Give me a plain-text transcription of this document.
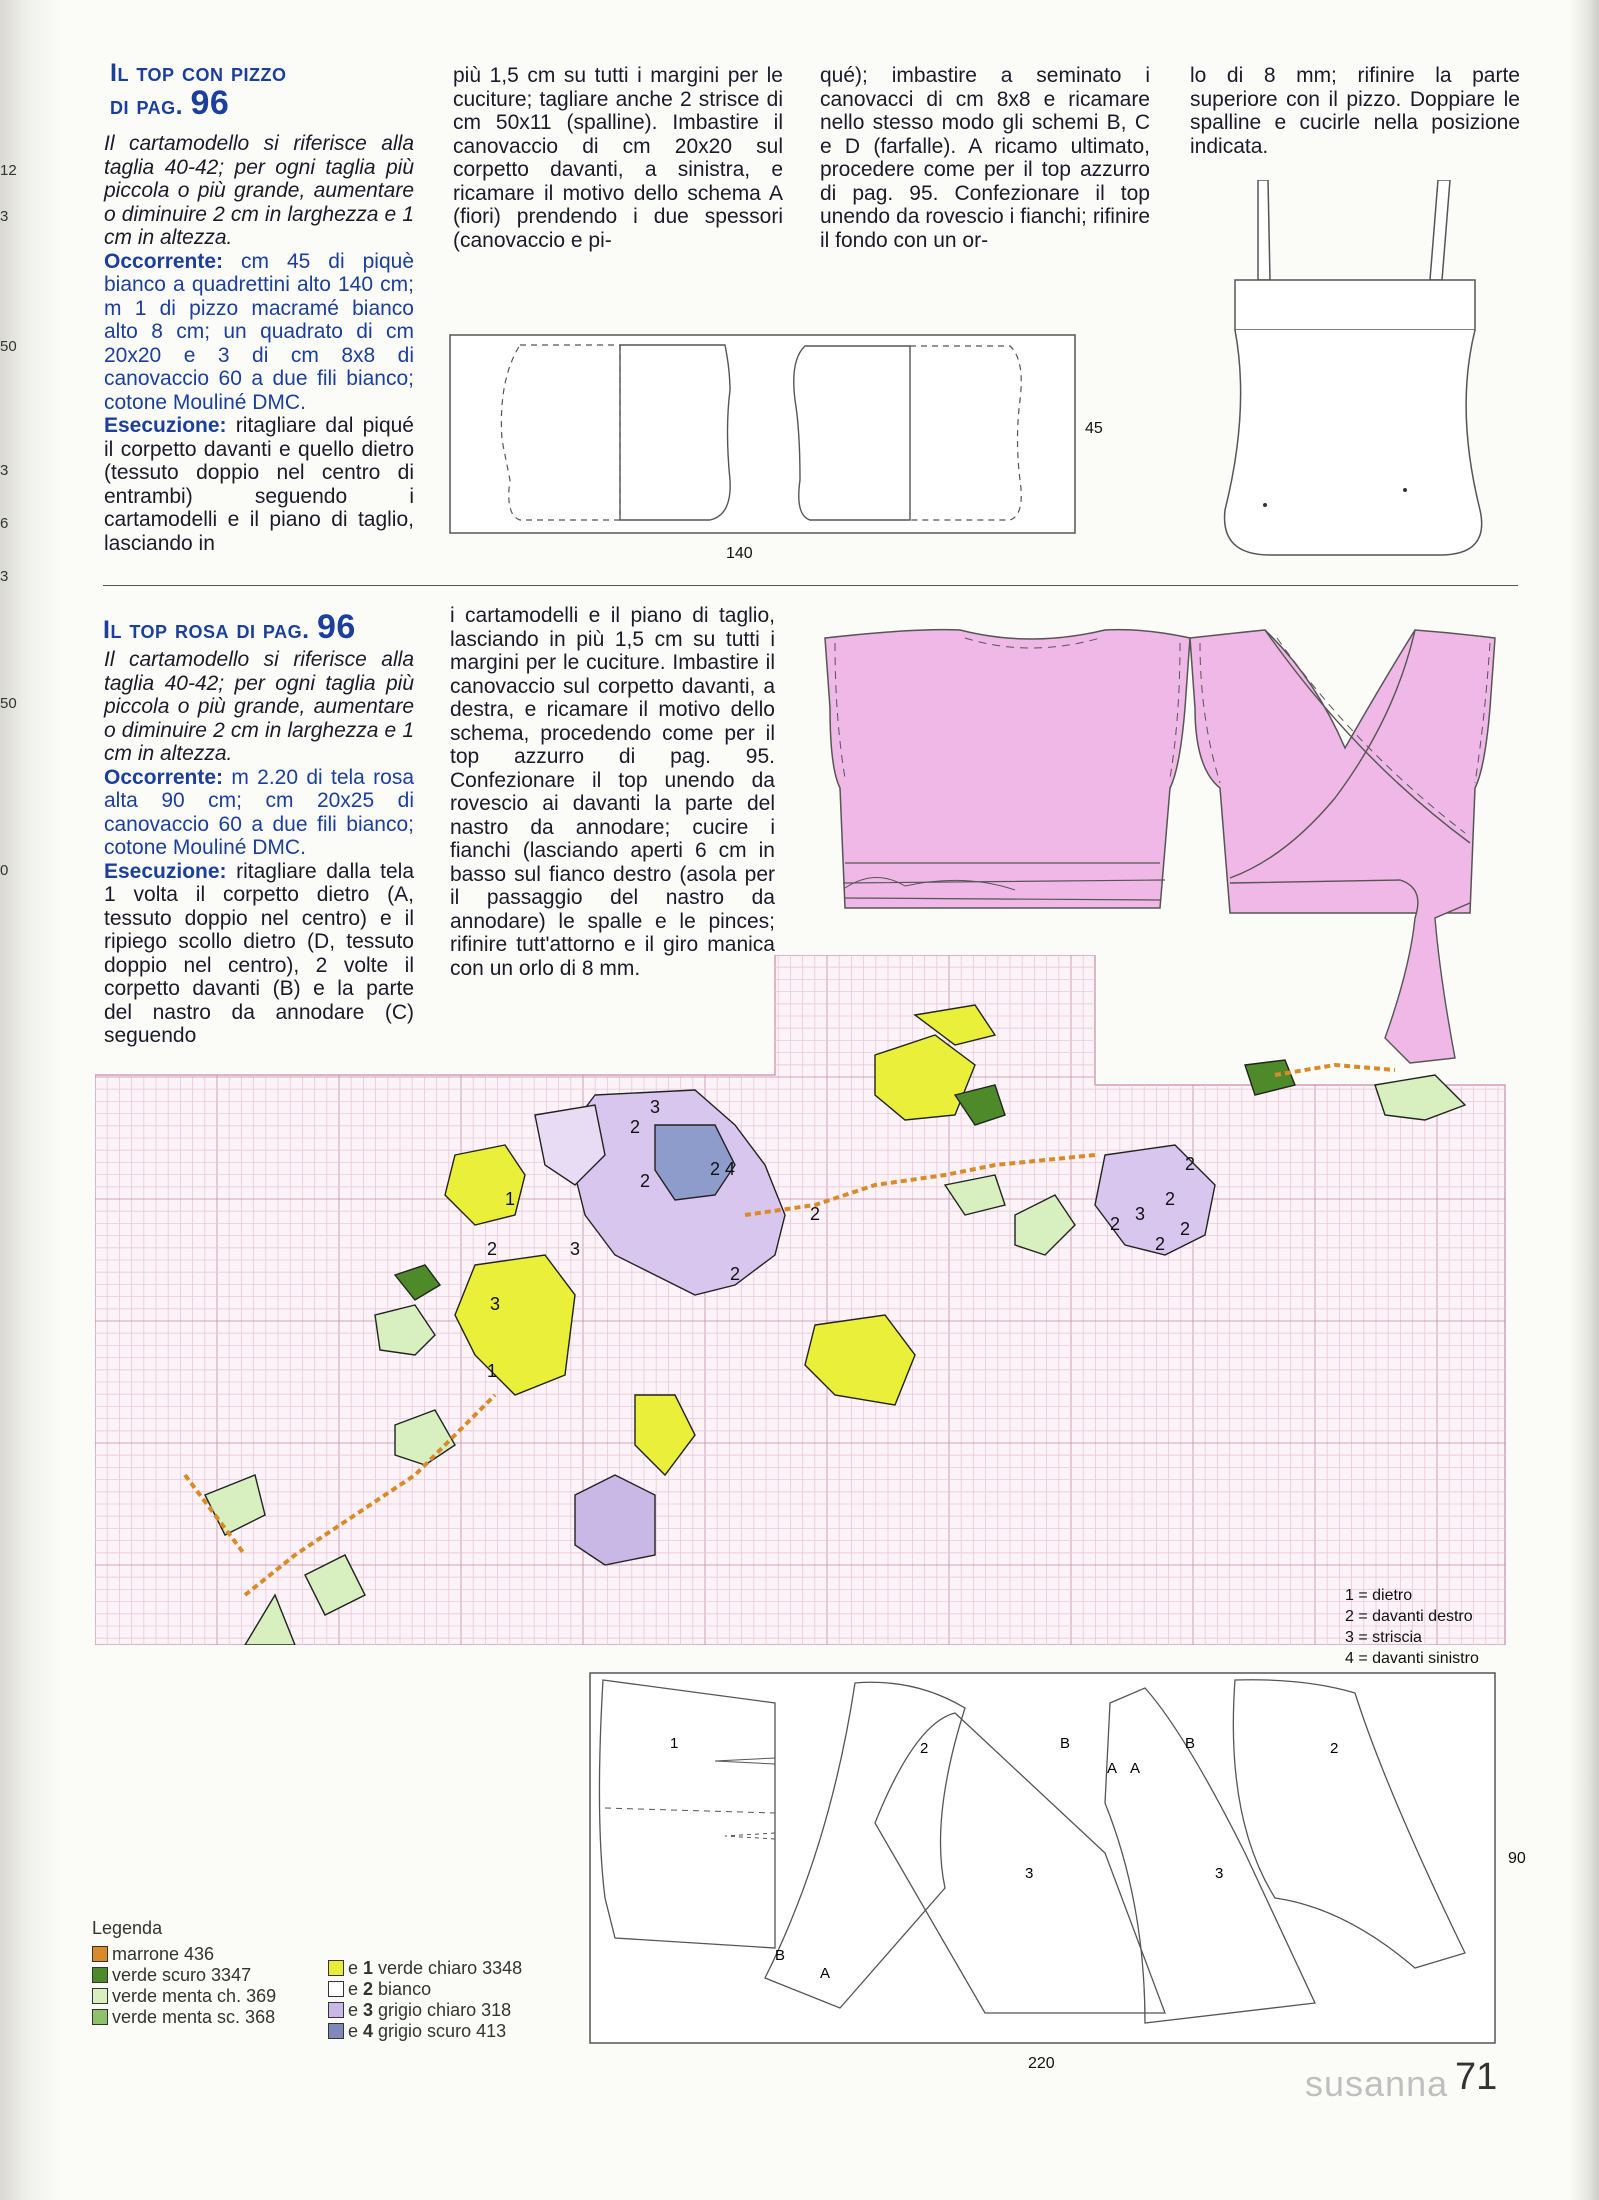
12
3
50
3
6
3
50
0
Il top con pizzo
di pag. 96
Il cartamodello si riferisce alla taglia 40-42; per ogni taglia più piccola o più grande, aumentare o diminuire 2 cm in larghezza e 1 cm in altezza.
Occorrente: cm 45 di piquè bianco a quadrettini alto 140 cm; m 1 di pizzo macramé bianco alto 8 cm; un quadrato di cm 20x20 e 3 di cm 8x8 di canovaccio 60 a due fili bianco; cotone Mouliné DMC.
Esecuzione: ritagliare dal piqué il corpetto davanti e quello dietro (tessuto doppio nel centro di entrambi) seguendo i cartamodelli e il piano di taglio, lasciando in
più 1,5 cm su tutti i margini per le cuciture; tagliare anche 2 strisce di cm 50x11 (spalline). Imbastire il canovaccio di cm 20x20 sul corpetto davanti, a sinistra, e ricamare il motivo dello schema A (fiori) prendendo i due spessori (canovaccio e pi-
qué); imbastire a seminato i canovacci di cm 8x8 e ricamare nello stesso modo gli schemi B, C e D (farfalle). A ricamo ultimato, procedere come per il top azzurro di pag. 95. Confezionare il top unendo da rovescio i fianchi; rifinire il fondo con un or-
lo di 8 mm; rifinire la parte superiore con il pizzo. Doppiare le spalline e cucirle nella posizione indicata.
45
140
Il top rosa di pag. 96
Il cartamodello si riferisce alla taglia 40-42; per ogni taglia più piccola o più grande, aumentare o diminuire 2 cm in larghezza e 1 cm in altezza.
Occorrente: m 2.20 di tela rosa alta 90 cm; cm 20x25 di canovaccio 60 a due fili bianco; cotone Mouliné DMC.
Esecuzione: ritagliare dalla tela 1 volta il corpetto dietro (A, tessuto doppio nel centro) e il ripiego scollo dietro (D, tessuto doppio nel centro), 2 volte il corpetto davanti (B) e la parte del nastro da annodare (C) seguendo
i cartamodelli e il piano di taglio, lasciando in più 1,5 cm su tutti i margini per le cuciture. Imbastire il canovaccio sul corpetto davanti, a destra, e ricamare il motivo dello schema, procedendo come per il top azzurro di pag. 95. Confezionare il top unendo da rovescio ai davanti la parte del nastro da annodare; cucire i fianchi (lasciando aperti 6 cm in basso sul fianco destro (asola per il passaggio del nastro da annodare) le spalle e le pinces; rifinire tutt'attorno e il giro manica con un orlo di 8 mm.
2
3
2
2
4
2
3
2
1
3
2
1
2
2
3
2
2
2
1 = dietro
2 = davanti destro
3 = striscia
4 = davanti sinistro
1	2	B
A A
B	2
3	3
B
A
90
220
Legenda
marrone 436
verde scuro 3347
verde menta ch. 369
verde menta sc. 368
e 1 verde chiaro 3348
e 2 bianco
e 3 grigio chiaro 318
e 4 grigio scuro 413
susanna 71
